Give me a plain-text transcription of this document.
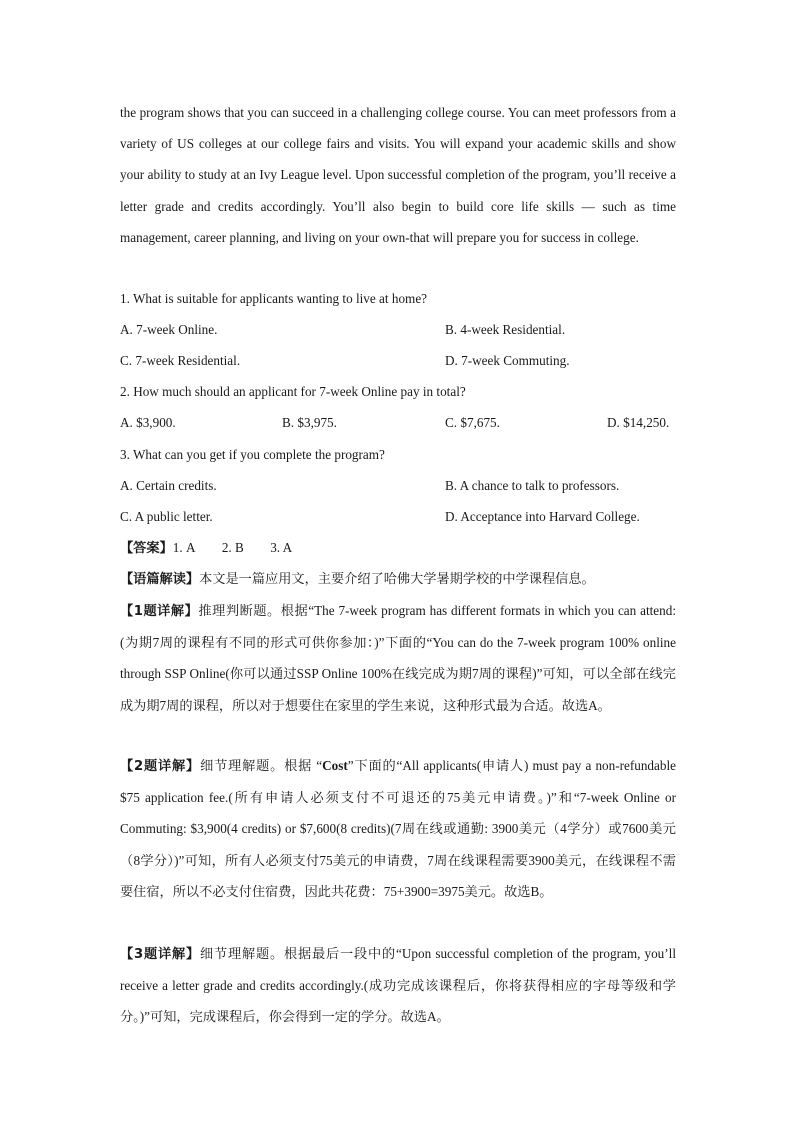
the program shows that you can succeed in a challenging college course. You can meet professors from a variety of US colleges at our college fairs and visits. You will expand your academic skills and show your ability to study at an Ivy League level. Upon successful completion of the program, you’ll receive a letter grade and credits accordingly. You’ll also begin to build core life skills — such as time management, career planning, and living on your own-that will prepare you for success in college.
1. What is suitable for applicants wanting to live at home?
A. 7-week Online.	B. 4-week Residential.
C. 7-week Residential.	D. 7-week Commuting.
2. How much should an applicant for 7-week Online pay in total?
A. $3,900.	B. $3,975.	C. $7,675.	D. $14,250.
3. What can you get if you complete the program?
A. Certain credits.	B. A chance to talk to professors.
C. A public letter.	D. Acceptance into Harvard College.
【答案】1. A        2. B        3. A
【语篇解读】本文是一篇应用文，主要介绍了哈佛大学暑期学校的中学课程信息。
【1题详解】推理判断题。根据“The 7-week program has different formats in which you can attend:(为期7周的课程有不同的形式可供你参加：)”下面的“You can do the 7-week program 100% online through SSP Online(你可以通过SSP Online 100%在线完成为期7周的课程)”可知，可以全部在线完成为期7周的课程，所以对于想要住在家里的学生来说，这种形式最为合适。故选A。
【2题详解】细节理解题。根据 “Cost”下面的“All applicants(申请人) must pay a non-refundable $75 application fee.(所有申请人必须支付不可退还的75美元申请费。)”和“7-week Online or Commuting: $3,900(4 credits) or $7,600(8 credits)(7周在线或通勤: 3900美元（4学分）或7600美元（8学分）)”可知，所有人必须支付75美元的申请费，7周在线课程需要3900美元，在线课程不需要住宿，所以不必支付住宿费，因此共花费：75+3900=3975美元。故选B。
【3题详解】细节理解题。根据最后一段中的“Upon successful completion of the program, you’ll receive a letter grade and credits accordingly.(成功完成该课程后，你将获得相应的字母等级和学分。)”可知，完成课程后，你会得到一定的学分。故选A。
